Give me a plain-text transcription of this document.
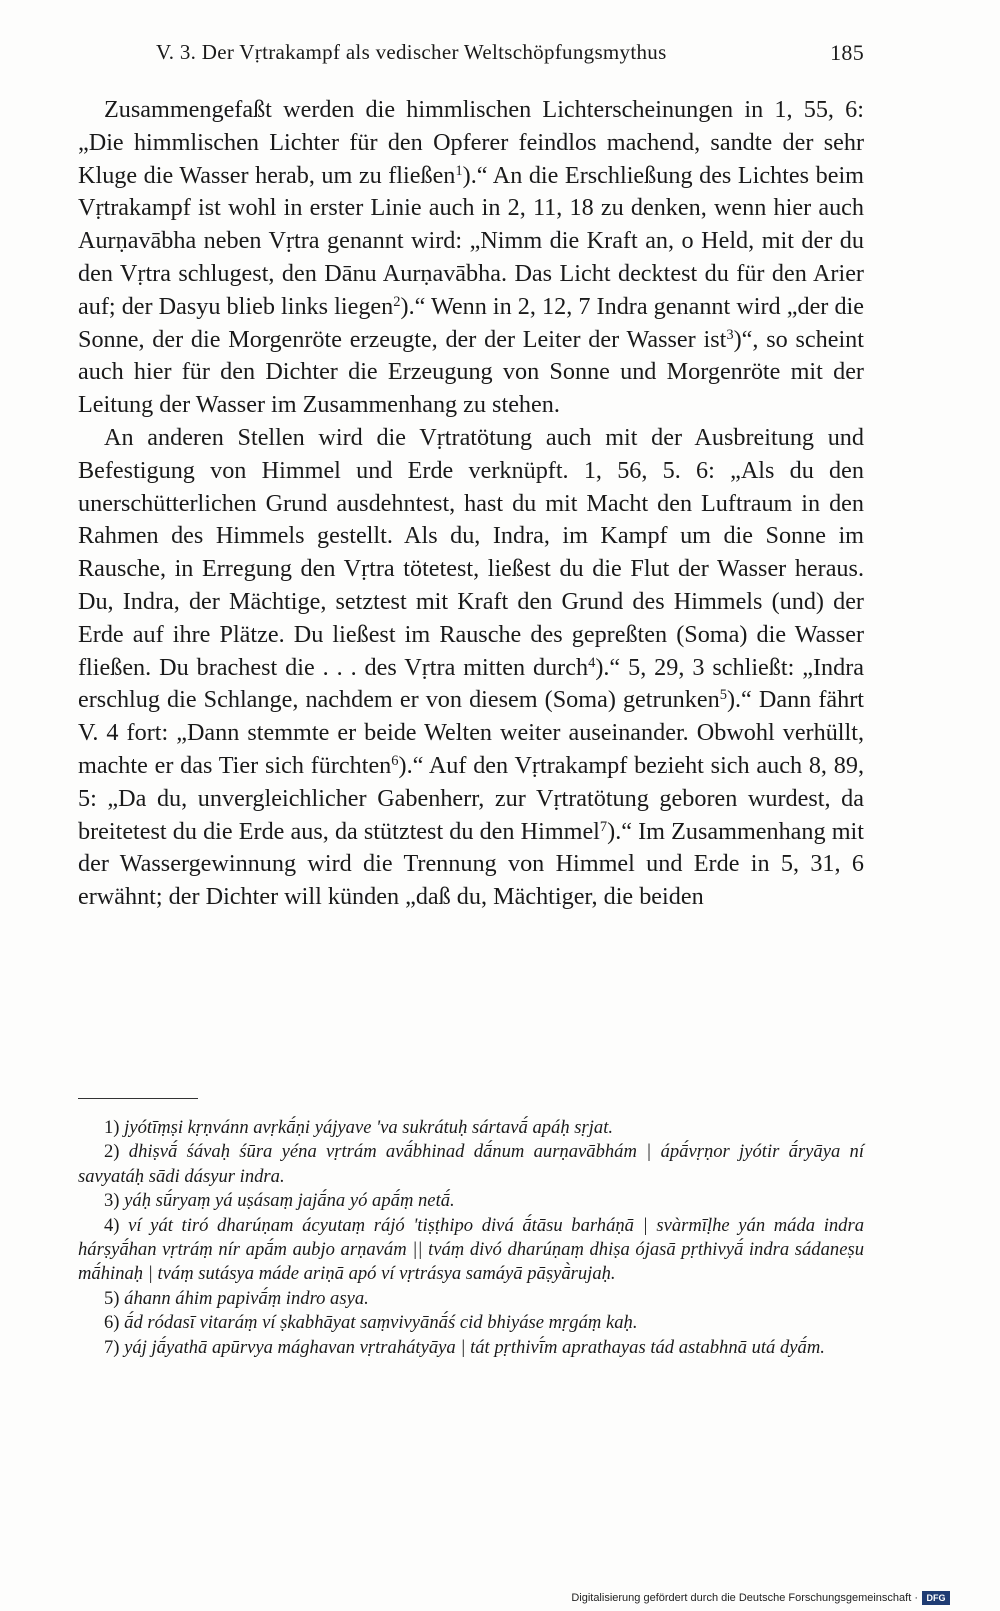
V. 3. Der Vṛtrakampf als vedischer Weltschöpfungsmythus	185

Zusammengefaßt werden die himmlischen Lichterscheinungen in 1, 55, 6: „Die himmlischen Lichter für den Opferer feindlos machend, sandte der sehr Kluge die Wasser herab, um zu fließen$^1$).“ An die Erschließung des Lichtes beim Vṛtrakampf ist wohl in erster Linie auch in 2, 11, 18 zu denken, wenn hier auch Aurṇavābha neben Vṛtra genannt wird: „Nimm die Kraft an, o Held, mit der du den Vṛtra schlugest, den Dānu Aurṇavābha. Das Licht decktest du für den Arier auf; der Dasyu blieb links liegen$^2$).“ Wenn in 2, 12, 7 Indra genannt wird „der die Sonne, der die Morgenröte erzeugte, der der Leiter der Wasser ist$^3$)“, so scheint auch hier für den Dichter die Erzeugung von Sonne und Morgenröte mit der Leitung der Wasser im Zusammenhang zu stehen.

An anderen Stellen wird die Vṛtratötung auch mit der Ausbreitung und Befestigung von Himmel und Erde verknüpft. 1, 56, 5. 6: „Als du den unerschütterlichen Grund ausdehntest, hast du mit Macht den Luftraum in den Rahmen des Himmels gestellt. Als du, Indra, im Kampf um die Sonne im Rausche, in Erregung den Vṛtra tötetest, ließest du die Flut der Wasser heraus. Du, Indra, der Mächtige, setztest mit Kraft den Grund des Himmels (und) der Erde auf ihre Plätze. Du ließest im Rausche des gepreßten (Soma) die Wasser fließen. Du brachest die . . . des Vṛtra mitten durch$^4$).“ 5, 29, 3 schließt: „Indra erschlug die Schlange, nachdem er von diesem (Soma) getrunken$^5$).“ Dann fährt V. 4 fort: „Dann stemmte er beide Welten weiter auseinander. Obwohl verhüllt, machte er das Tier sich fürchten$^6$).“ Auf den Vṛtrakampf bezieht sich auch 8, 89, 5: „Da du, unvergleichlicher Gabenherr, zur Vṛtratötung geboren wurdest, da breitetest du die Erde aus, da stütztest du den Himmel$^7$).“ Im Zusammenhang mit der Wassergewinnung wird die Trennung von Himmel und Erde in 5, 31, 6 erwähnt; der Dichter will künden „daß du, Mächtiger, die beiden

1) jyótīṃṣi kṛṇvánn avṛkā́ṇi yájyave 'va sukrátuḥ sártavā́ apáḥ sṛjat.

2) dhiṣvā́ śávaḥ śūra yéna vṛtrám avā́bhinad dā́num aurṇavābhám | ápā́vṛṇor jyótir ā́ryāya ní savyatáḥ sādi dásyur indra.

3) yáḥ sū́ryaṃ yá uṣásaṃ jajā́na yó apā́ṃ netā́.

4) ví yát tiró dharúṇam ácyutaṃ rájó 'tiṣṭhipo divá ā́tāsu barháṇā | svàrmīḷhe yán máda indra hárṣyā́han vṛtráṃ nír apā́m aubjo arṇavám || tváṃ divó dharúṇaṃ dhiṣa ójasā pṛthivyā́ indra sádaneṣu mā́hinaḥ | tváṃ sutásya máde ariṇā apó ví vṛtrásya samáyā pāṣyā̀rujaḥ.

5) áhann áhim papivā́ṃ indro asya.

6) ā́d ródasī vitaráṃ ví ṣkabhāyat saṃvivyānā́ś cid bhiyáse mṛgáṃ kaḥ.

7) yáj jā́yathā apūrvya mághavan vṛtrahátyāya | tát pṛthivī́m aprathayas tád astabhnā utá dyā́m.

Digitalisierung gefördert durch die Deutsche Forschungsgemeinschaft · DFG
